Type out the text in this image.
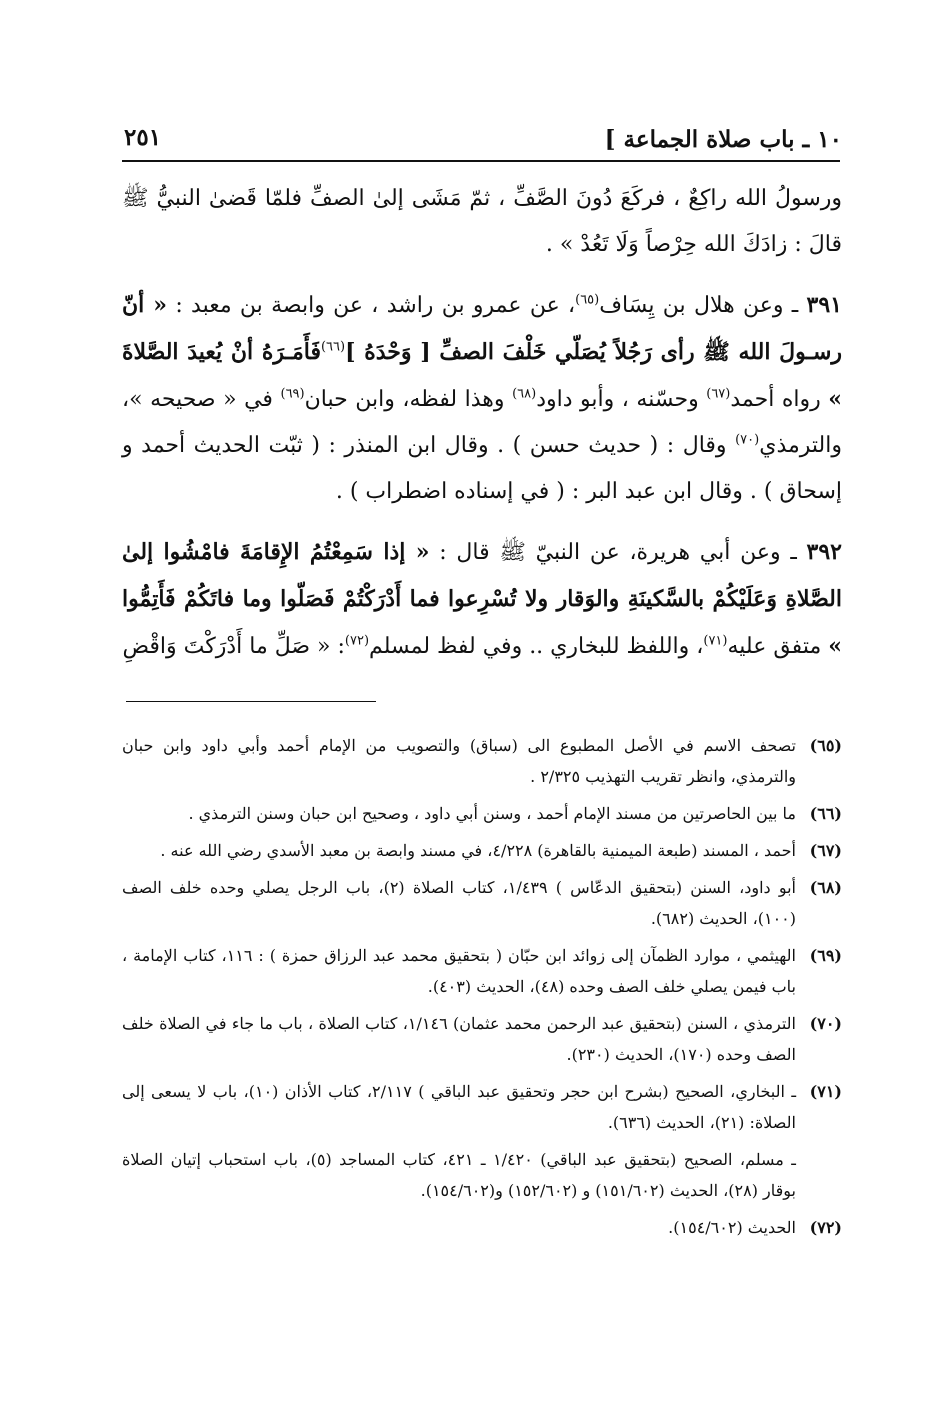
١٠ ـ باب صلاة الجماعة ]
٢٥١

ورسولُ الله راكِعٌ ، فركَعَ دُونَ الصَّفِّ ، ثمّ مَشَى إلىٰ الصفِّ فلمّا قَضىٰ النبيُّ ﷺ قالَ : زادَكَ الله حِرْصاً وَلَا تَعُدْ » .

٣٩١ ـ وعن هلال بن يِسَاف$^{(٦٥)}$، عن عمرو بن راشد ، عن وابصة بن معبد : « أنّ رسـولَ الله ﷺ رأى رَجُلاً يُصَلّي خَلْفَ الصفِّ [ وَحْدَهُ ]$^{(٦٦)}$فَأَمَـرَهُ أنْ يُعيدَ الصَّلاةَ » رواه أحمد$^{(٦٧)}$ وحسّنه ، وأبو داود$^{(٦٨)}$ وهذا لفظه، وابن حبان$^{(٦٩)}$ في « صحيحه »، والترمذي$^{(٧٠)}$ وقال : ( حديث حسن ) . وقال ابن المنذر : ( ثبّت الحديث أحمد و إسحاق ) . وقال ابن عبد البر : ( في إسناده اضطراب ) .

٣٩٢ ـ وعن أبي هريرة، عن النبيّ ﷺ قال : « إذا سَمِعْتُمُ الإِقامَةَ فامْشُوا إلىٰ الصَّلاةِ وَعَلَيْكُمْ بالسَّكينَةِ والوَقار ولا تُسْرِعوا فما أَدْرَكْتُمْ فَصَلّوا وما فاتَكُمْ فَأَتِمُّوا » متفق عليه$^{(٧١)}$، واللفظ للبخاري .. وفي لفظ لمسلم$^{(٧٢)}$: « صَلِّ ما أَدْرَكْتَ وَاقْضِ

(٦٥)
تصحف الاسم في الأصل المطبوع الى (سباق) والتصويب من الإمام أحمد وأبي داود وابن حبان والترمذي، وانظر تقريب التهذيب ٢/٣٢٥ .
(٦٦)
ما بين الحاصرتين من مسند الإمام أحمد ، وسنن أبي داود ، وصحيح ابن حبان وسنن الترمذي .
(٦٧)
أحمد ، المسند (طبعة الميمنية بالقاهرة) ٤/٢٢٨، في مسند وابصة بن معبد الأسدي رضي الله عنه .
(٦٨)
أبو داود، السنن (بتحقيق الدعّاس ) ١/٤٣٩، كتاب الصلاة (٢)، باب الرجل يصلي وحده خلف الصف (١٠٠)، الحديث (٦٨٢).
(٦٩)
الهيثمي ، موارد الظمآن إلى زوائد ابن حبّان ( بتحقيق محمد عبد الرزاق حمزة ) : ١١٦، كتاب الإمامة ، باب فيمن يصلي خلف الصف وحده (٤٨)، الحديث (٤٠٣).
(٧٠)
الترمذي ، السنن (بتحقيق عبد الرحمن محمد عثمان) ١/١٤٦، كتاب الصلاة ، باب ما جاء في الصلاة خلف الصف وحده (١٧٠)، الحديث (٢٣٠).
(٧١)
ـ البخاري، الصحيح (بشرح ابن حجر وتحقيق عبد الباقي ) ٢/١١٧، كتاب الأذان (١٠)، باب لا يسعى إلى الصلاة: (٢١)، الحديث (٦٣٦).
ـ مسلم، الصحيح (بتحقيق عبد الباقي) ١/٤٢٠ ـ ٤٢١، كتاب المساجد (٥)، باب استحباب إتيان الصلاة بوقار (٢٨)، الحديث (١٥١/٦٠٢) و (١٥٢/٦٠٢) و(١٥٤/٦٠٢).
(٧٢)
الحديث (١٥٤/٦٠٢).
